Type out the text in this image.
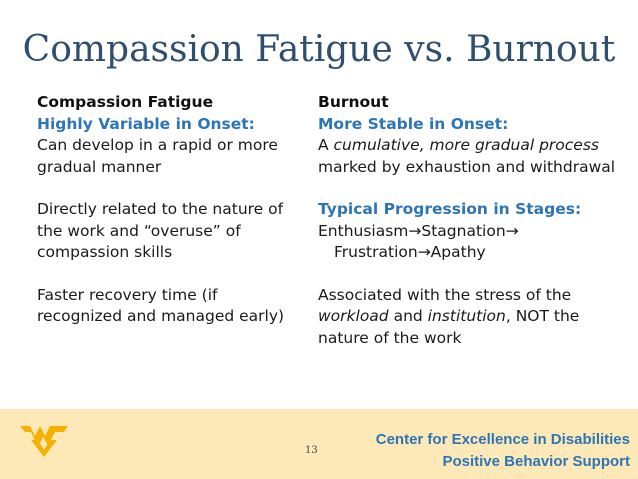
Compassion Fatigue vs. Burnout

Compassion Fatigue

Highly Variable in Onset:

Can develop in a rapid or more gradual manner

Directly related to the nature of the work and “overuse” of compassion skills

Faster recovery time (if recognized and managed early)

Burnout

More Stable in Onset:

A cumulative, more gradual process marked by exhaustion and withdrawal

Typical Progression in Stages:

Enthusiasm→Stagnation→

Frustration→Apathy

Associated with the stress of the workload and institution, NOT the nature of the work

13
Center for Excellence in Disabilities
Positive Behavior Support
